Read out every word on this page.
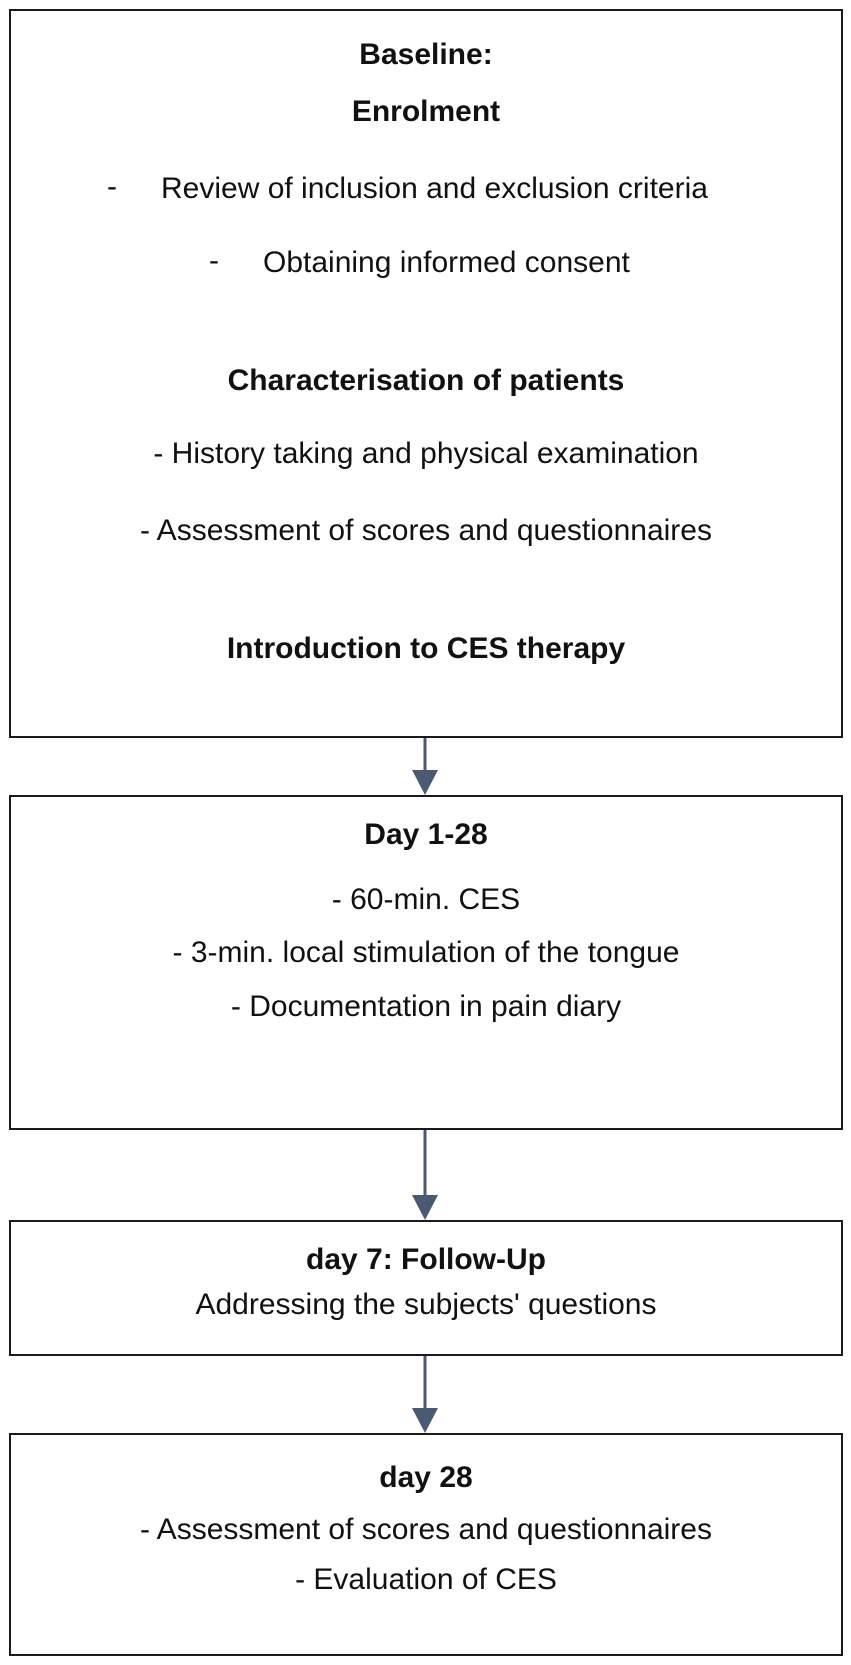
Baseline:
Enrolment
- Review of inclusion and exclusion criteria
- Obtaining informed consent
Characterisation of patients
- History taking and physical examination
- Assessment of scores and questionnaires
Introduction to CES therapy
Day 1-28
- 60-min. CES
- 3-min. local stimulation of the tongue
- Documentation in pain diary
day 7: Follow-Up
Addressing the subjects' questions
day 28
- Assessment of scores and questionnaires
- Evaluation of CES
